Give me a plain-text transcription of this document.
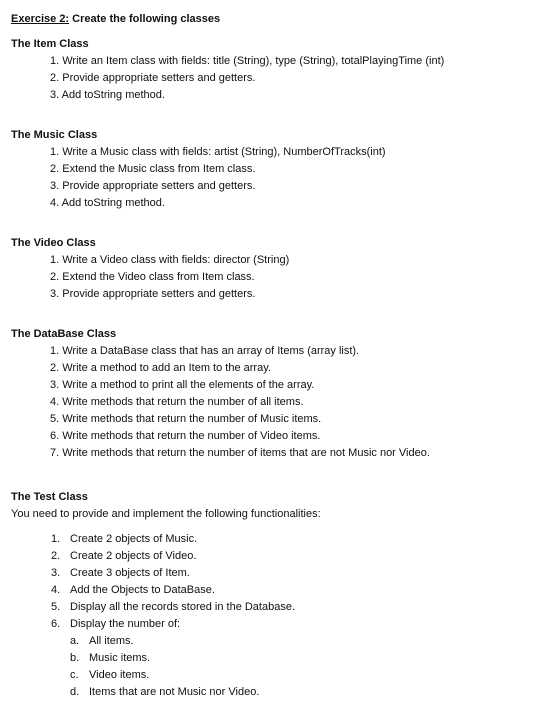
Exercise 2: Create the following classes
The Item Class
1. Write an Item class with fields: title (String), type (String), totalPlayingTime (int)
2. Provide appropriate setters and getters.
3. Add toString method.
The Music Class
1. Write a Music class with fields: artist (String), NumberOfTracks(int)
2. Extend the Music class from Item class.
3. Provide appropriate setters and getters.
4. Add toString method.
The Video Class
1. Write a Video class with fields: director (String)
2. Extend the Video class from Item class.
3. Provide appropriate setters and getters.
The DataBase Class
1. Write a DataBase class that has an array of Items (array list).
2. Write a method to add an Item to the array.
3. Write a method to print all the elements of the array.
4. Write methods that return the number of all items.
5. Write methods that return the number of Music items.
6. Write methods that return the number of Video items.
7. Write methods that return the number of items that are not Music nor Video.
The Test Class
You need to provide and implement the following functionalities:
1. Create 2 objects of Music.
2. Create 2 objects of Video.
3. Create 3 objects of Item.
4. Add the Objects to DataBase.
5. Display all the records stored in the Database.
6. Display the number of:
a. All items.
b. Music items.
c. Video items.
d. Items that are not Music nor Video.
